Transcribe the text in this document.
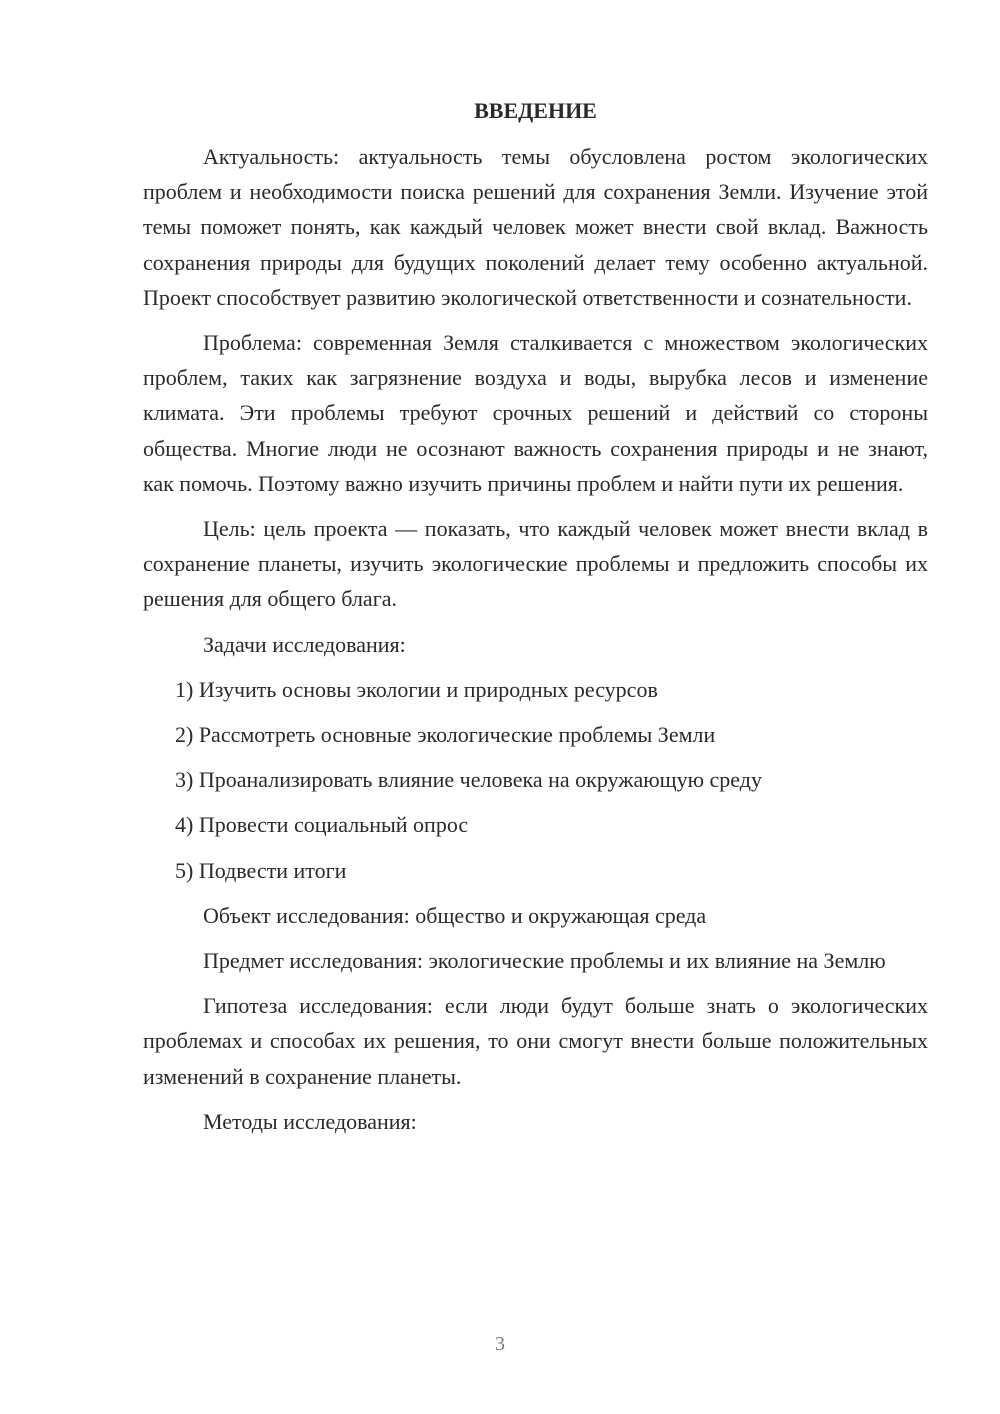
ВВЕДЕНИЕ

Актуальность: актуальность темы обусловлена ростом экологических проблем и необходимости поиска решений для сохранения Земли. Изучение этой темы поможет понять, как каждый человек может внести свой вклад. Важность сохранения природы для будущих поколений делает тему особенно актуальной. Проект способствует развитию экологической ответственности и сознательности.

Проблема: современная Земля сталкивается с множеством экологических проблем, таких как загрязнение воздуха и воды, вырубка лесов и изменение климата. Эти проблемы требуют срочных решений и действий со стороны общества. Многие люди не осознают важность сохранения природы и не знают, как помочь. Поэтому важно изучить причины проблем и найти пути их решения.

Цель: цель проекта — показать, что каждый человек может внести вклад в сохранение планеты, изучить экологические проблемы и предложить способы их решения для общего блага.

Задачи исследования:

1) Изучить основы экологии и природных ресурсов
2) Рассмотреть основные экологические проблемы Земли
3) Проанализировать влияние человека на окружающую среду
4) Провести социальный опрос
5) Подвести итоги

Объект исследования: общество и окружающая среда

Предмет исследования: экологические проблемы и их влияние на Землю

Гипотеза исследования: если люди будут больше знать о экологических проблемах и способах их решения, то они смогут внести больше положительных изменений в сохранение планеты.

Методы исследования:

3
